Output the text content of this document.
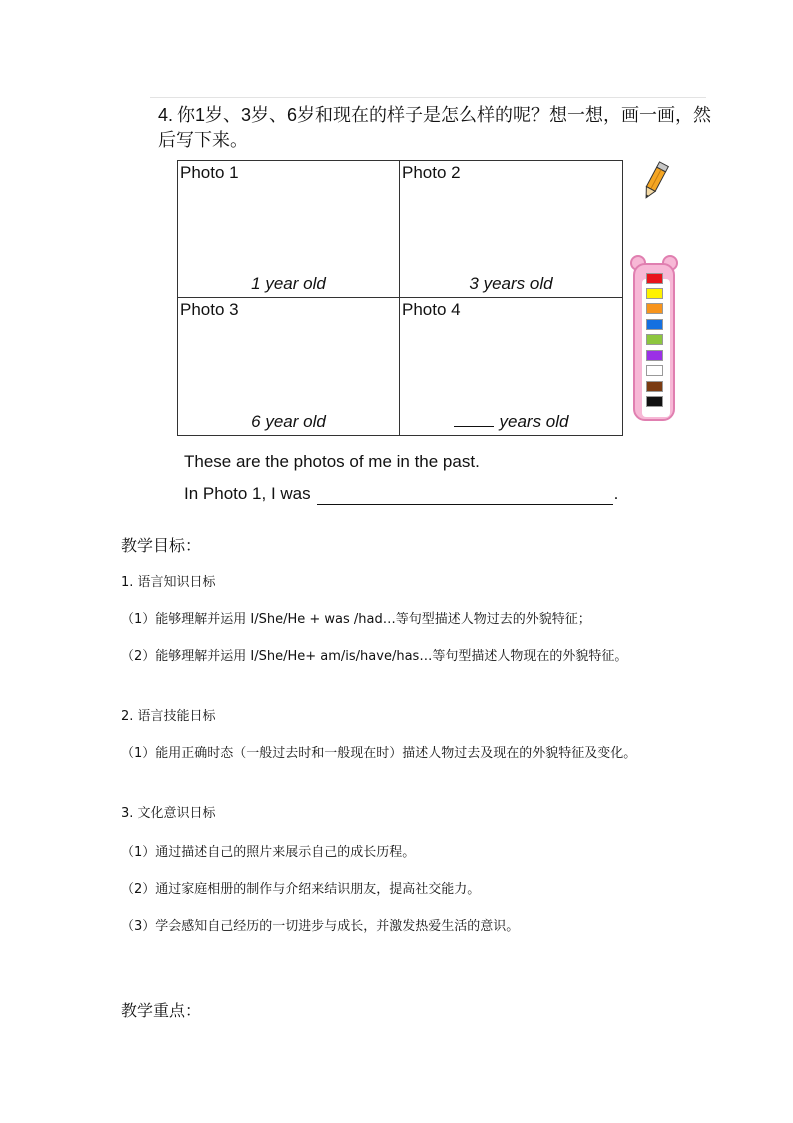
4. 你1岁、3岁、6岁和现在的样子是怎么样的呢？想一想，画一画，然后写下来。
Photo 1
1 year old
Photo 2
3 years old
Photo 3
6 year old
Photo 4
years old
These are the photos of me in the past.
In Photo 1, I was	.
教学目标：
1. 语言知识日标
（1）能够理解并运用 I/She/He + was /had…等句型描述人物过去的外貌特征；
（2）能够理解并运用 I/She/He+ am/is/have/has…等句型描述人物现在的外貌特征。
2. 语言技能日标
（1）能用正确时态（一般过去时和一般现在时）描述人物过去及现在的外貌特征及变化。
3. 文化意识日标
（1）通过描述自己的照片来展示自己的成长历程。
（2）通过家庭相册的制作与介绍来结识朋友，提高社交能力。
（3）学会感知自己经历的一切进步与成长，并激发热爱生活的意识。
教学重点：
